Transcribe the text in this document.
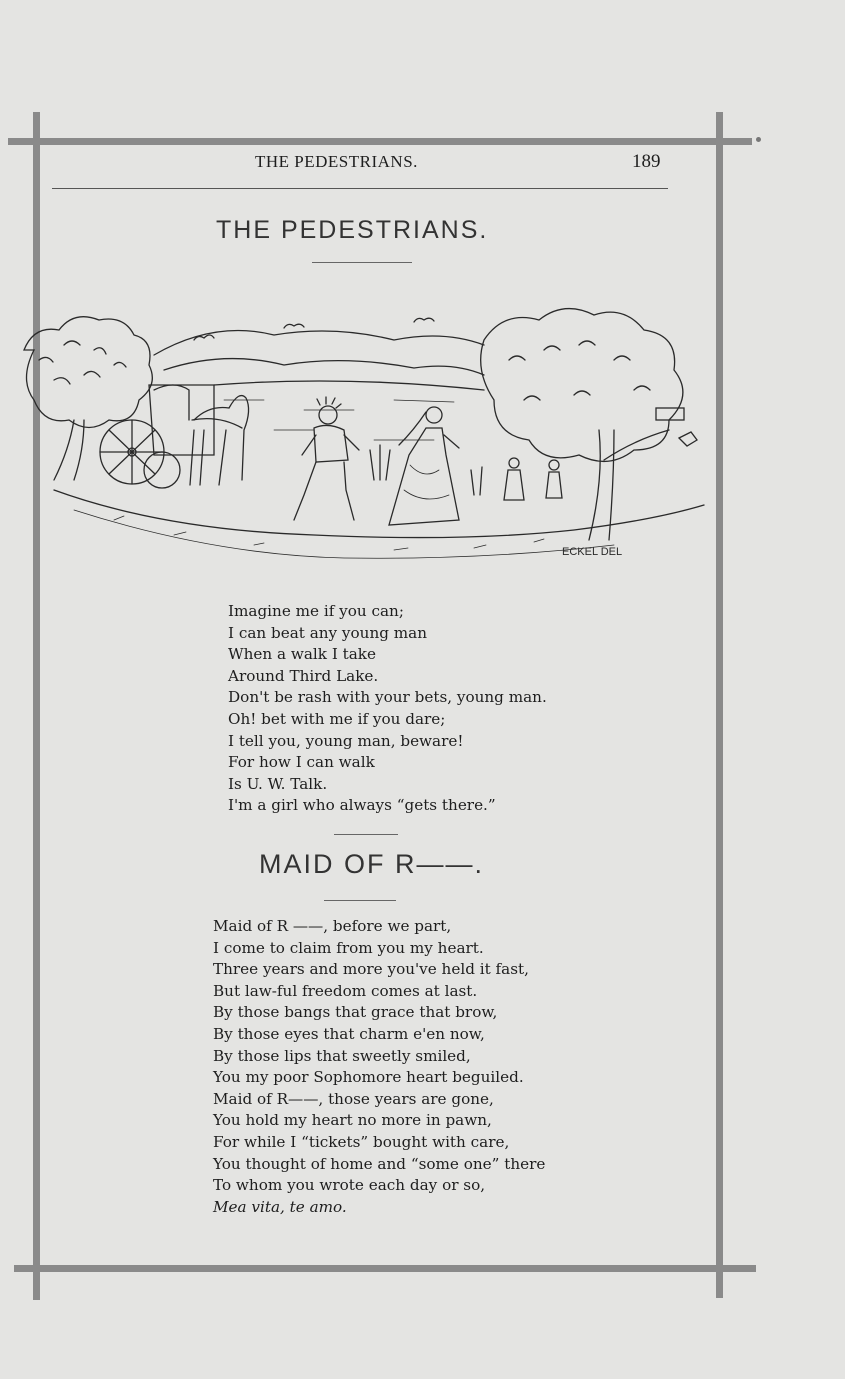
THE PEDESTRIANS.	189
THE PEDESTRIANS.
ECKEL DEL
Imagine me if you can;
I can beat any young man
When a walk I take
Around Third Lake.
Don't be rash with your bets, young man.
Oh! bet with me if you dare;
I tell you, young man, beware!
For how I can walk
Is U. W. Talk.
I'm a girl who always “gets there.”
MAID OF R——.
Maid of R ——, before we part,
I come to claim from you my heart.
Three years and more you've held it fast,
But law-ful freedom comes at last.
By those bangs that grace that brow,
By those eyes that charm e'en now,
By those lips that sweetly smiled,
You my poor Sophomore heart beguiled.
Maid of R——, those years are gone,
You hold my heart no more in pawn,
For while I “tickets” bought with care,
You thought of home and “some one” there
To whom you wrote each day or so,
Mea vita, te amo.
